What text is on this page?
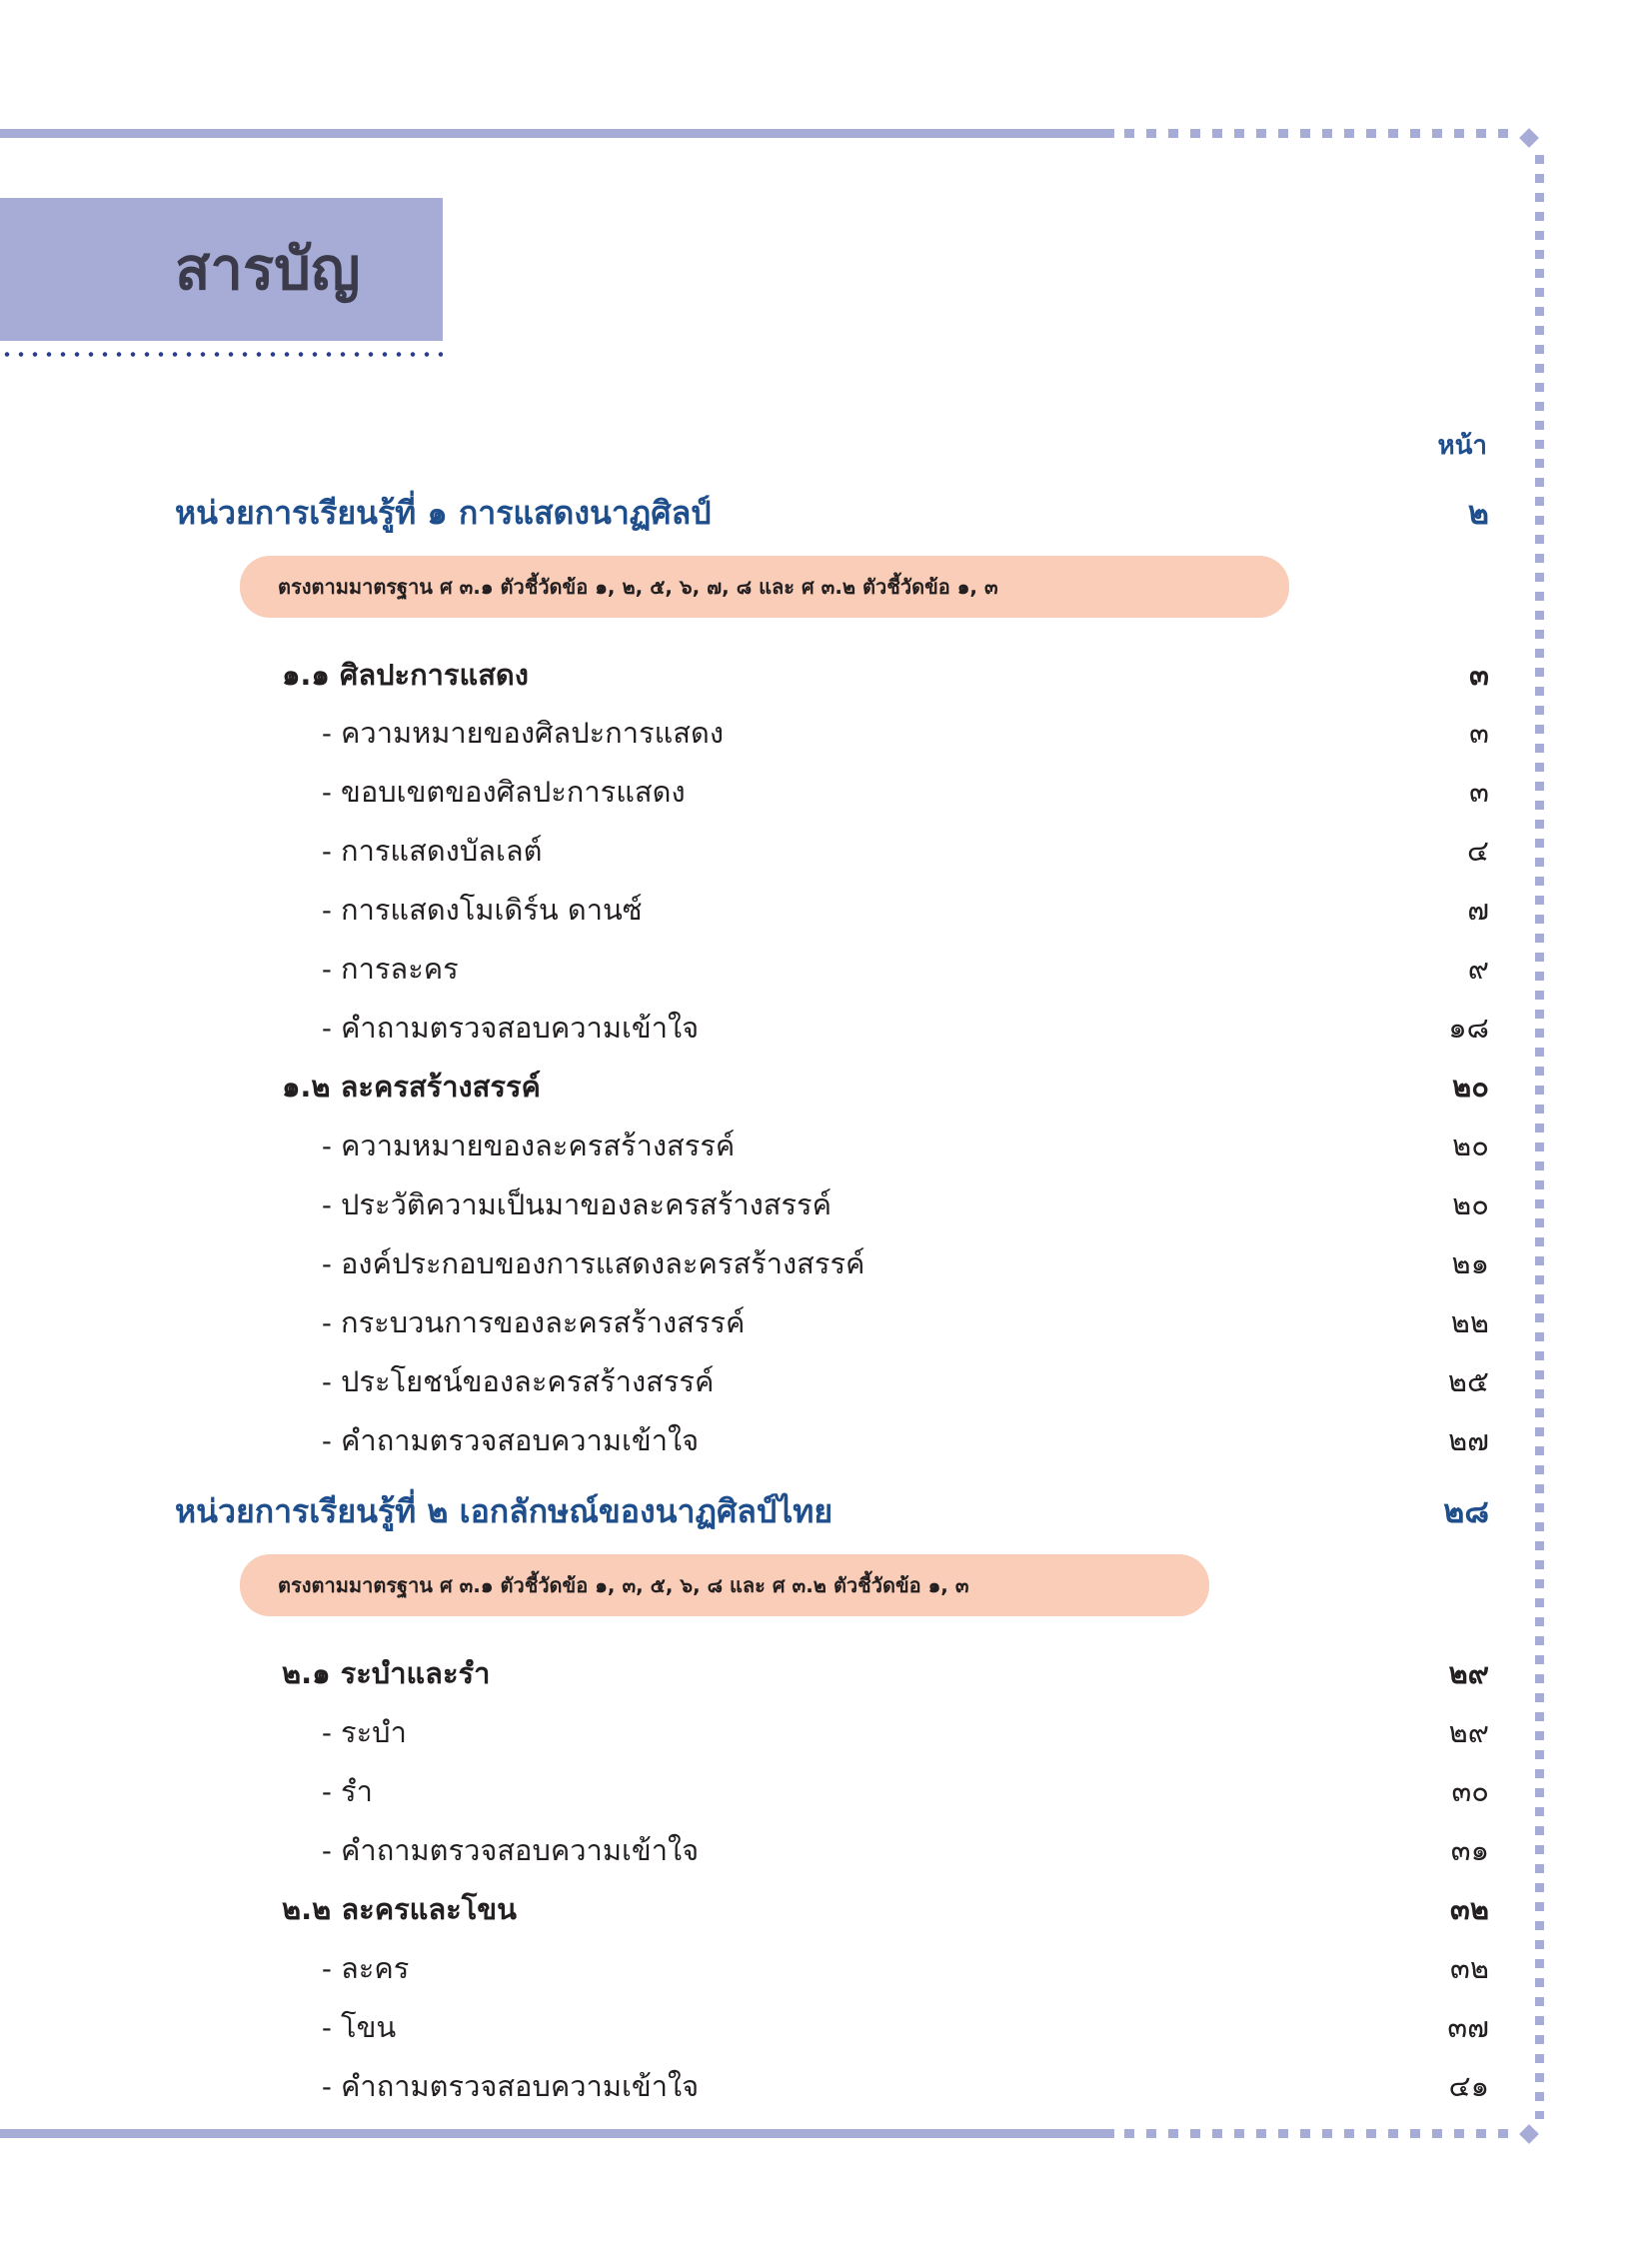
สารบัญ
หน้า
หน่วยการเรียนรู้ที่ ๑ การแสดงนาฏศิลป์	๒
ตรงตามมาตรฐาน ศ ๓.๑ ตัวชี้วัดข้อ ๑, ๒, ๕, ๖, ๗, ๘ และ ศ ๓.๒ ตัวชี้วัดข้อ ๑, ๓
๑.๑ ศิลปะการแสดง	๓
- ความหมายของศิลปะการแสดง	๓
- ขอบเขตของศิลปะการแสดง	๓
- การแสดงบัลเลต์	๔
- การแสดงโมเดิร์น ดานซ์	๗
- การละคร	๙
- คำถามตรวจสอบความเข้าใจ	๑๘
๑.๒ ละครสร้างสรรค์	๒๐
- ความหมายของละครสร้างสรรค์	๒๐
- ประวัติความเป็นมาของละครสร้างสรรค์	๒๐
- องค์ประกอบของการแสดงละครสร้างสรรค์	๒๑
- กระบวนการของละครสร้างสรรค์	๒๒
- ประโยชน์ของละครสร้างสรรค์	๒๕
- คำถามตรวจสอบความเข้าใจ	๒๗
หน่วยการเรียนรู้ที่ ๒ เอกลักษณ์ของนาฏศิลป์ไทย	๒๘
ตรงตามมาตรฐาน ศ ๓.๑ ตัวชี้วัดข้อ ๑, ๓, ๕, ๖, ๘ และ ศ ๓.๒ ตัวชี้วัดข้อ ๑, ๓
๒.๑ ระบำและรำ	๒๙
- ระบำ	๒๙
- รำ	๓๐
- คำถามตรวจสอบความเข้าใจ	๓๑
๒.๒ ละครและโขน	๓๒
- ละคร	๓๒
- โขน	๓๗
- คำถามตรวจสอบความเข้าใจ	๔๑
